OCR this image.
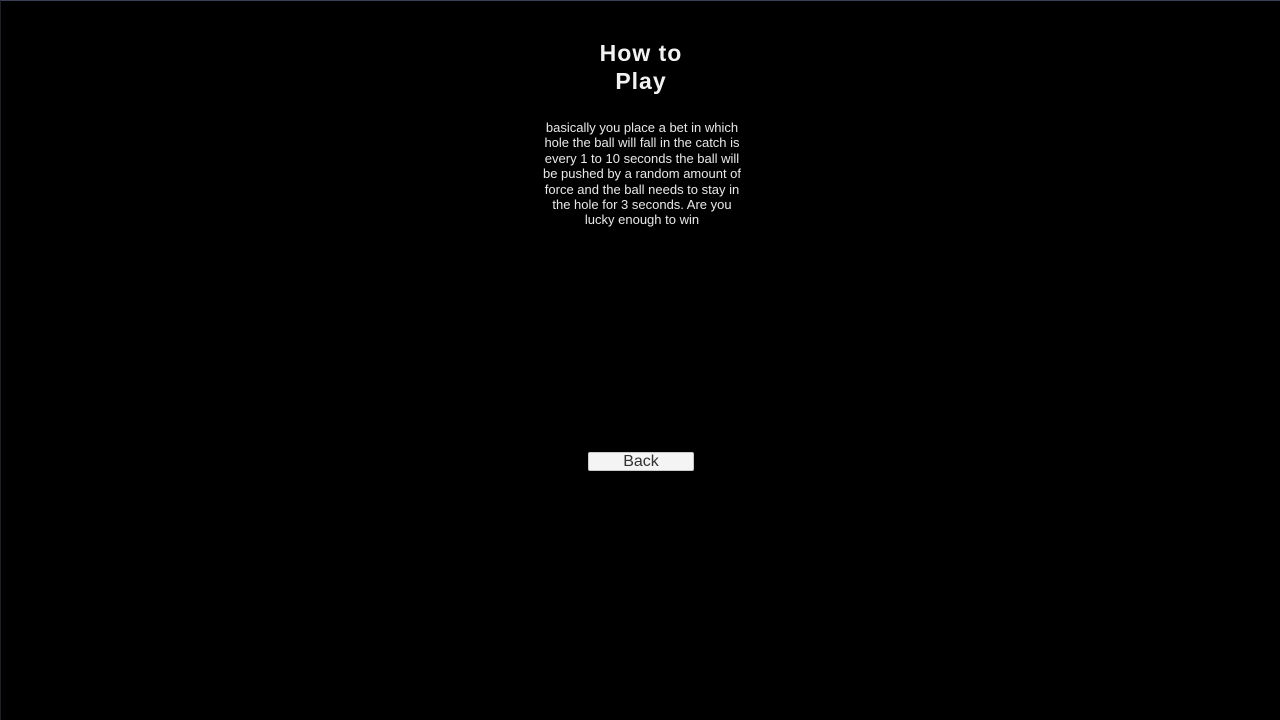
How to
Play
basically you place a bet in which
hole the ball will fall in the catch is
every 1 to 10 seconds the ball will
be pushed by a random amount of
force and the ball needs to stay in
the hole for 3 seconds. Are you
lucky enough to win
Back
